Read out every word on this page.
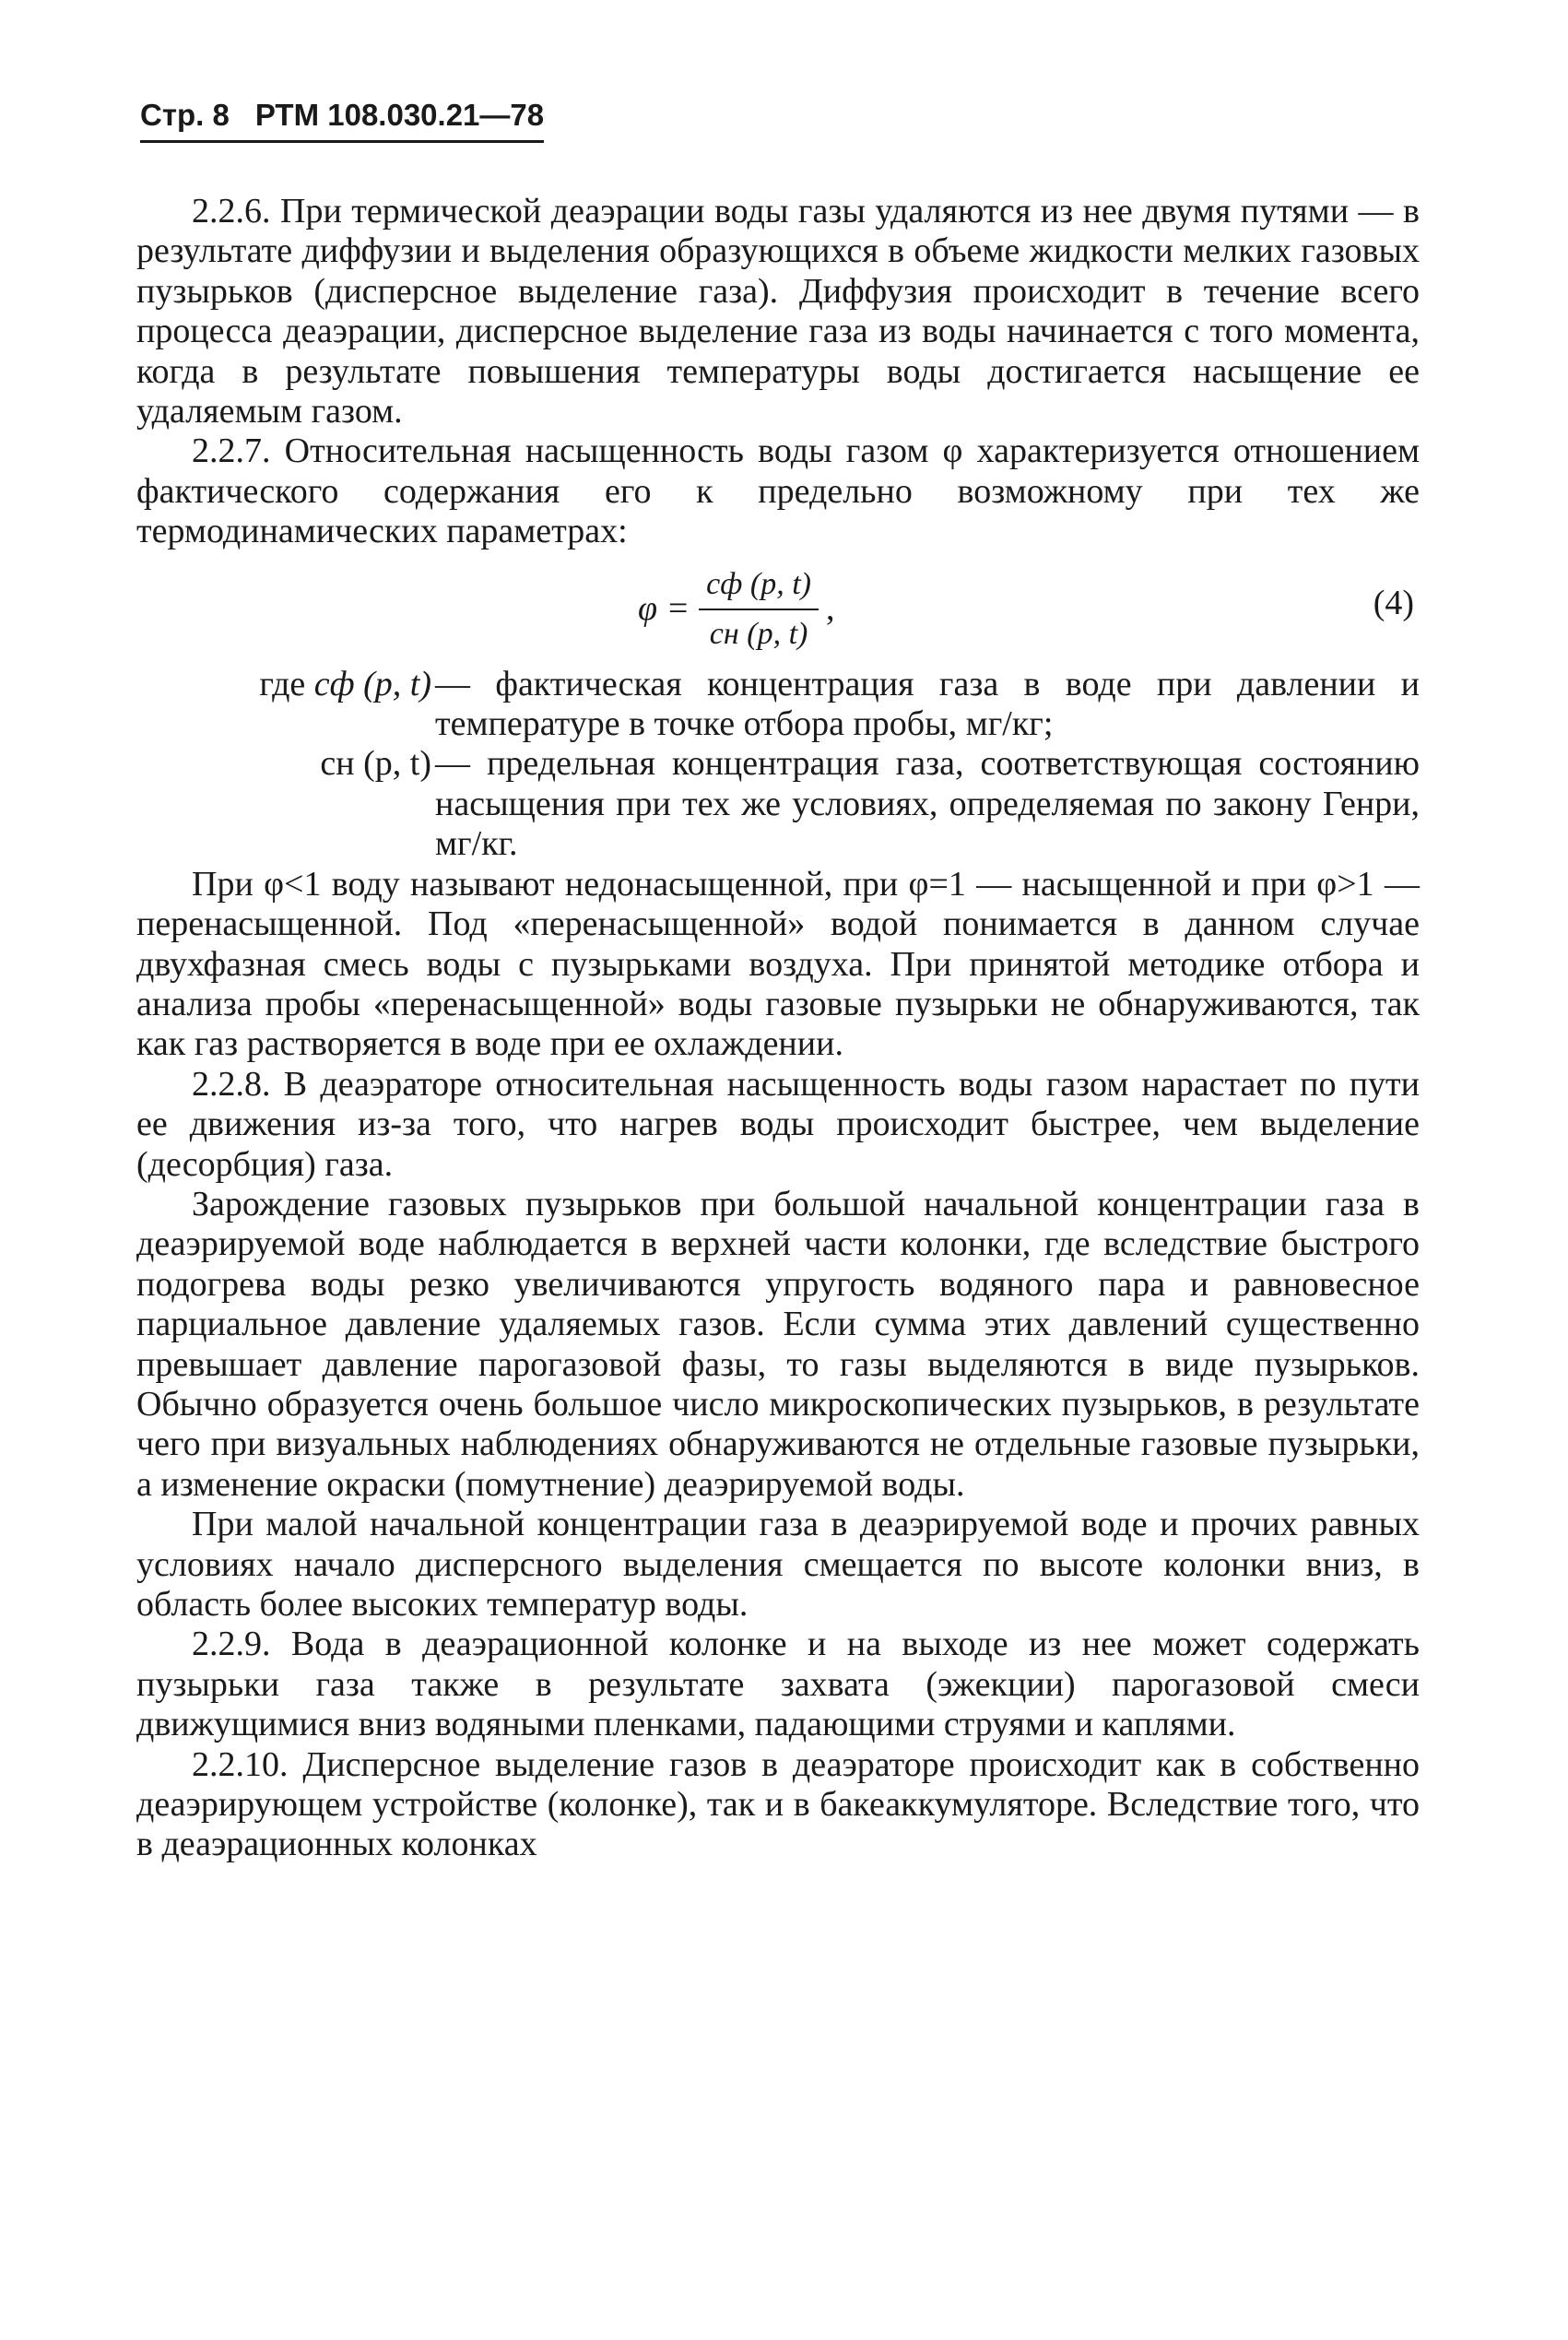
Стр. 8 РТМ 108.030.21—78

2.2.6. При термической деаэрации воды газы удаляются из нее двумя путями — в результате диффузии и выделения образующихся в объеме жидкости мелких газовых пузырьков (дисперсное выделение газа). Диффузия происходит в течение всего процесса деаэрации, дисперсное выделение газа из воды начинается с того момента, когда в результате повышения температуры воды достигается насыщение ее удаляемым газом.

2.2.7. Относительная насыщенность воды газом φ характеризуется отношением фактического содержания его к предельно возможному при тех же термодинамических параметрах:

$\varphi = \frac{cф (p, t)}{cн (p, t)}$ ,	(4)
где cф (p, t) — фактическая концентрация газа в воде при давлении и температуре в точке отбора пробы, мг/кг;
cн (p, t) — предельная концентрация газа, соответствующая состоянию насыщения при тех же условиях, определяемая по закону Генри, мг/кг.

При φ<1 воду называют недонасыщенной, при φ=1 — насыщенной и при φ>1 — перенасыщенной. Под «перенасыщенной» водой понимается в данном случае двухфазная смесь воды с пузырьками воздуха. При принятой методике отбора и анализа пробы «перенасыщенной» воды газовые пузырьки не обнаруживаются, так как газ растворяется в воде при ее охлаждении.

2.2.8. В деаэраторе относительная насыщенность воды газом нарастает по пути ее движения из-за того, что нагрев воды происходит быстрее, чем выделение (десорбция) газа.

Зарождение газовых пузырьков при большой начальной концентрации газа в деаэрируемой воде наблюдается в верхней части колонки, где вследствие быстрого подогрева воды резко увеличиваются упругость водяного пара и равновесное парциальное давление удаляемых газов. Если сумма этих давлений существенно превышает давление парогазовой фазы, то газы выделяются в виде пузырьков. Обычно образуется очень большое число микроскопических пузырьков, в результате чего при визуальных наблюдениях обнаруживаются не отдельные газовые пузырьки, а изменение окраски (помутнение) деаэрируемой воды.

При малой начальной концентрации газа в деаэрируемой воде и прочих равных условиях начало дисперсного выделения смещается по высоте колонки вниз, в область более высоких температур воды.

2.2.9. Вода в деаэрационной колонке и на выходе из нее может содержать пузырьки газа также в результате захвата (эжекции) парогазовой смеси движущимися вниз водяными пленками, падающими струями и каплями.

2.2.10. Дисперсное выделение газов в деаэраторе происходит как в собственно деаэрирующем устройстве (колонке), так и в бакеаккумуляторе. Вследствие того, что в деаэрационных колонках
